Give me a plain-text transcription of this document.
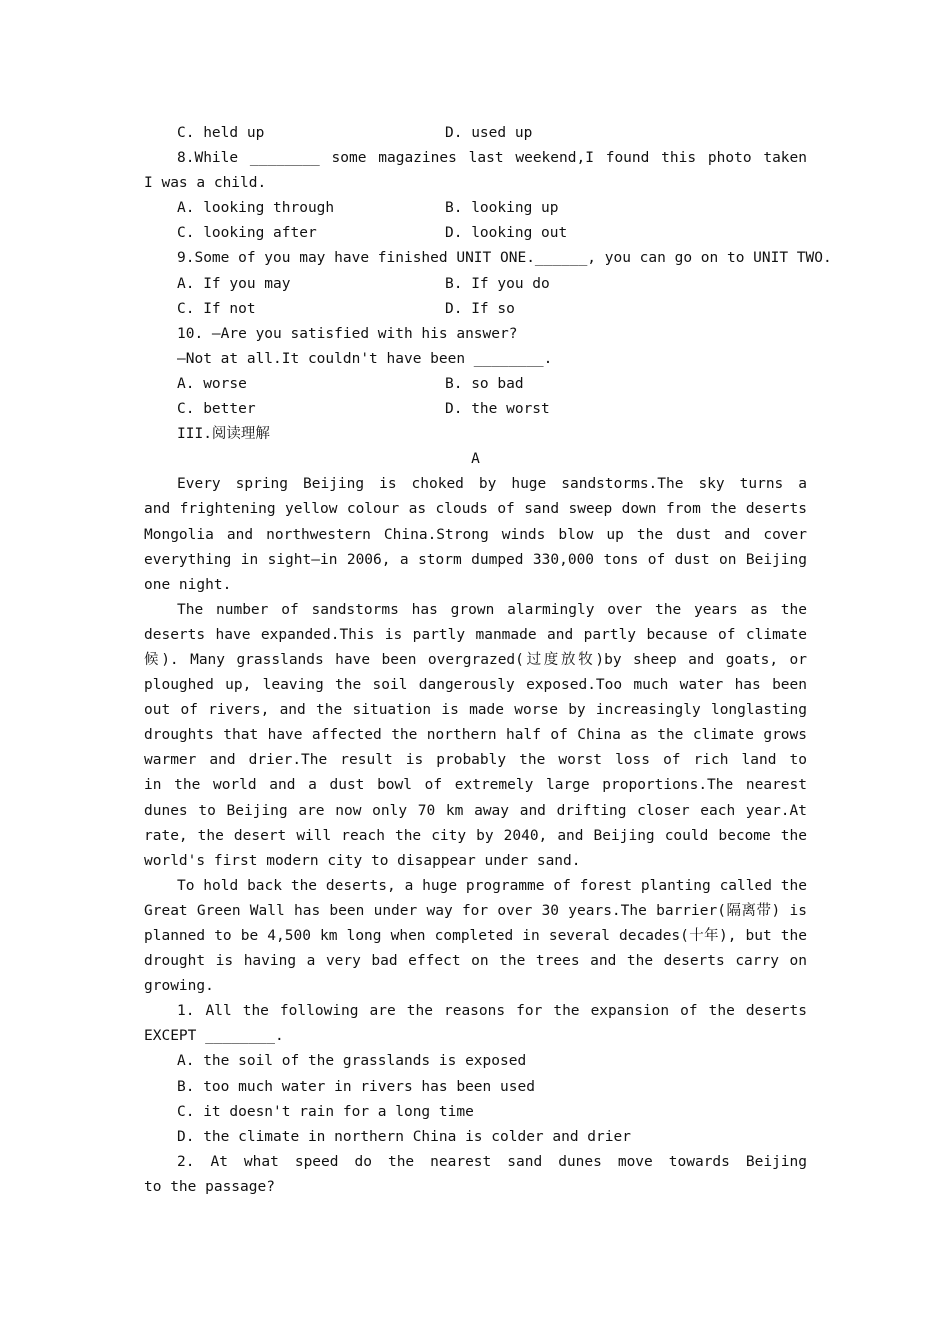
C. held up	D. used up
8.While ________ some magazines last weekend,I found this photo taken
I was a child.
A. looking through	B. looking up
C. looking after	D. looking out
9.Some of you may have finished UNIT ONE.______, you can go on to UNIT TWO.
A. If you may	B. If you do
C. If not	D. If so
10. —Are you satisfied with his answer?
—Not at all.It couldn't have been ________.
A. worse	B. so bad
C. better	D. the worst
III.阅读理解
A
Every spring Beijing is choked by huge sandstorms.The sky turns a
and frightening yellow colour as clouds of sand sweep down from the deserts
Mongolia and northwestern China.Strong winds blow up the dust and cover
everything in sight—in 2006, a storm dumped 330,000 tons of dust on Beijing
one night.
The number of sandstorms has grown alarmingly over the years as the
deserts have expanded.This is partly manmade and partly because of climate
候). Many grasslands have been overgrazed(过度放牧)by sheep and goats, or
ploughed up, leaving the soil dangerously exposed.Too much water has been
out of rivers, and the situation is made worse by increasingly longlasting
droughts that have affected the northern half of China as the climate grows
warmer and drier.The result is probably the worst loss of rich land to
in the world and a dust bowl of extremely large proportions.The nearest
dunes to Beijing are now only 70 km away and drifting closer each year.At
rate, the desert will reach the city by 2040, and Beijing could become the
world's first modern city to disappear under sand.
To hold back the deserts, a huge programme of forest planting called the
Great Green Wall has been under way for over 30 years.The barrier(隔离带) is
planned to be 4,500 km long when completed in several decades(十年), but the
drought is having a very bad effect on the trees and the deserts carry on
growing.
1. All the following are the reasons for the expansion of the deserts
EXCEPT ________.
A. the soil of the grasslands is exposed
B. too much water in rivers has been used
C. it doesn't rain for a long time
D. the climate in northern China is colder and drier
2. At what speed do the nearest sand dunes move towards Beijing
to the passage?
